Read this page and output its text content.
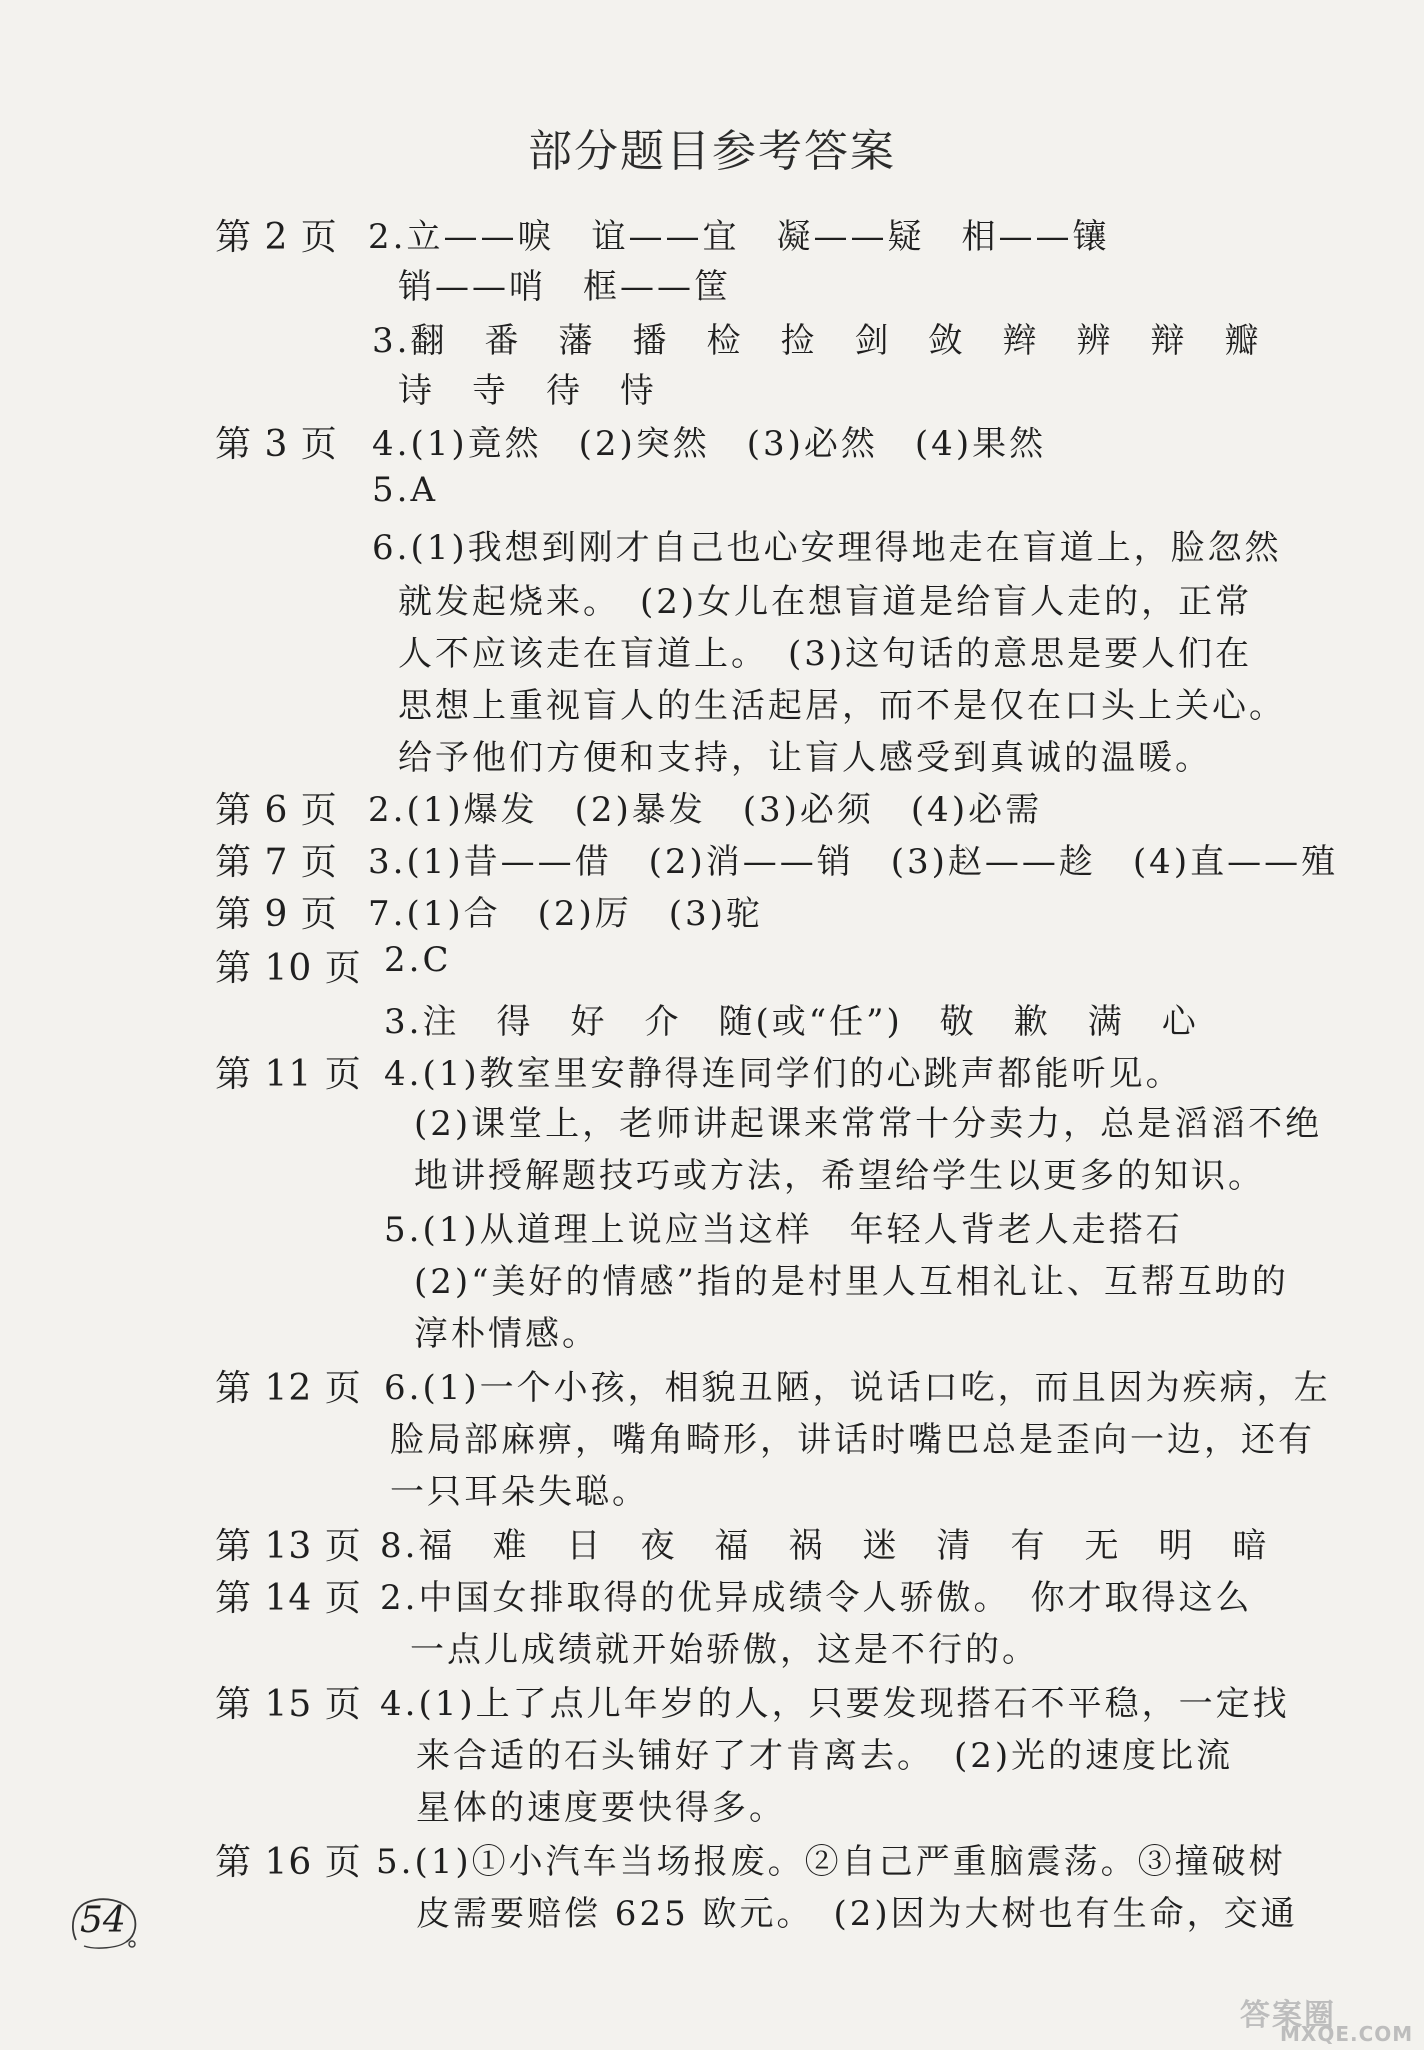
部分题目参考答案
第 2 页 2.立——唳　谊——宜　凝——疑　相——镶
销——哨　框——筐
3.翻　番　藩　播　检　捡　剑　敛　辫　辨　辩　瓣
诗　寺　待　恃
第 3 页 4.(1)竟然　(2)突然　(3)必然　(4)果然
5.A
6.(1)我想到刚才自己也心安理得地走在盲道上，脸忽然
就发起烧来。　(2)女儿在想盲道是给盲人走的，正常
人不应该走在盲道上。　(3)这句话的意思是要人们在
思想上重视盲人的生活起居，而不是仅在口头上关心。
给予他们方便和支持，让盲人感受到真诚的温暖。
第 6 页 2.(1)爆发　(2)暴发　(3)必须　(4)必需
第 7 页 3.(1)昔——借　(2)消——销　(3)赵——趁　(4)直——殖
第 9 页 7.(1)合　(2)厉　(3)驼
第 10 页 2.C
3.注　得　好　介　随(或“任”)　敬　歉　满　心
第 11 页 4.(1)教室里安静得连同学们的心跳声都能听见。
(2)课堂上，老师讲起课来常常十分卖力，总是滔滔不绝
地讲授解题技巧或方法，希望给学生以更多的知识。
5.(1)从道理上说应当这样　年轻人背老人走搭石
(2)“美好的情感”指的是村里人互相礼让、互帮互助的
淳朴情感。
第 12 页 6.(1)一个小孩，相貌丑陋，说话口吃，而且因为疾病，左
脸局部麻痹，嘴角畸形，讲话时嘴巴总是歪向一边，还有
一只耳朵失聪。
第 13 页 8.福　难　日　夜　福　祸　迷　清　有　无　明　暗
第 14 页 2.中国女排取得的优异成绩令人骄傲。　你才取得这么
一点儿成绩就开始骄傲，这是不行的。
第 15 页 4.(1)上了点儿年岁的人，只要发现搭石不平稳，一定找
来合适的石头铺好了才肯离去。　(2)光的速度比流
星体的速度要快得多。
第 16 页 5.(1)①小汽车当场报废。②自己严重脑震荡。③撞破树
皮需要赔偿 625 欧元。　(2)因为大树也有生命，交通
54
答案圈
MXQE.COM
